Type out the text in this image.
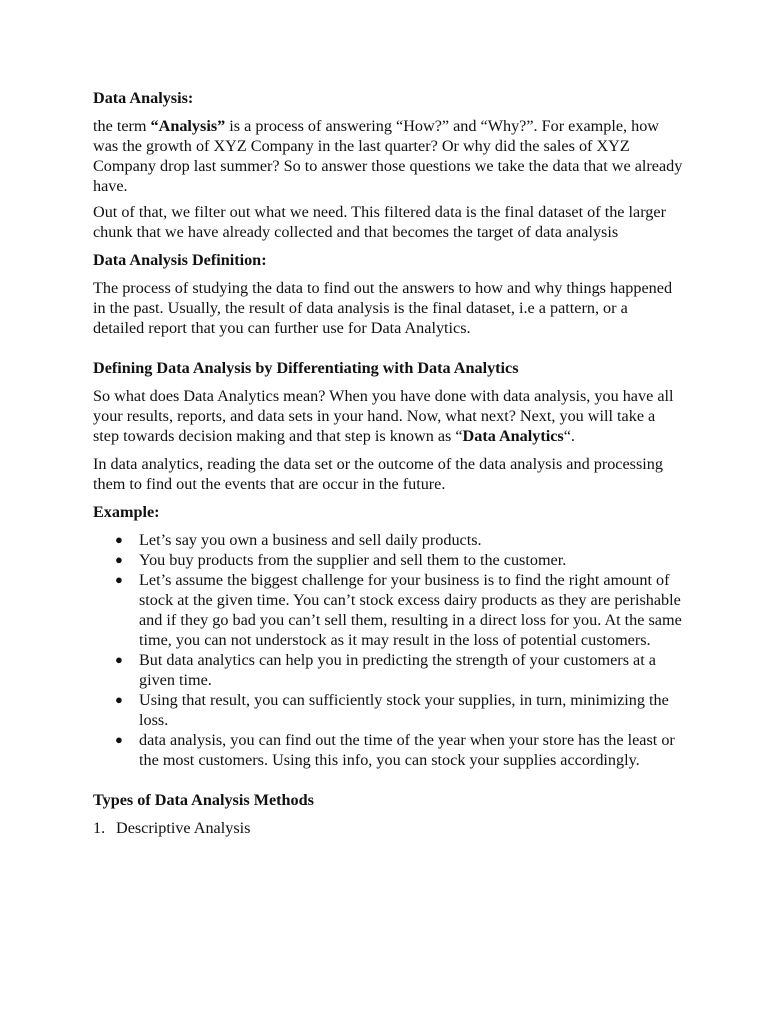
Data Analysis:

the term “Analysis” is a process of answering “How?” and “Why?”. For example, how was the growth of XYZ Company in the last quarter? Or why did the sales of XYZ Company drop last summer? So to answer those questions we take the data that we already have.

Out of that, we filter out what we need. This filtered data is the final dataset of the larger chunk that we have already collected and that becomes the target of data analysis

Data Analysis Definition:

The process of studying the data to find out the answers to how and why things happened in the past. Usually, the result of data analysis is the final dataset, i.e a pattern, or a detailed report that you can further use for Data Analytics.

Defining Data Analysis by Differentiating with Data Analytics

So what does Data Analytics mean? When you have done with data analysis, you have all your results, reports, and data sets in your hand. Now, what next? Next, you will take a step towards decision making and that step is known as “Data Analytics“.

In data analytics, reading the data set or the outcome of the data analysis and processing them to find out the events that are occur in the future.

Example:

● Let’s say you own a business and sell daily products.
● You buy products from the supplier and sell them to the customer.
● Let’s assume the biggest challenge for your business is to find the right amount of stock at the given time. You can’t stock excess dairy products as they are perishable and if they go bad you can’t sell them, resulting in a direct loss for you. At the same time, you can not understock as it may result in the loss of potential customers.
● But data analytics can help you in predicting the strength of your customers at a given time.
● Using that result, you can sufficiently stock your supplies, in turn, minimizing the loss.
● data analysis, you can find out the time of the year when your store has the least or the most customers. Using this info, you can stock your supplies accordingly.

Types of Data Analysis Methods

1. Descriptive Analysis
